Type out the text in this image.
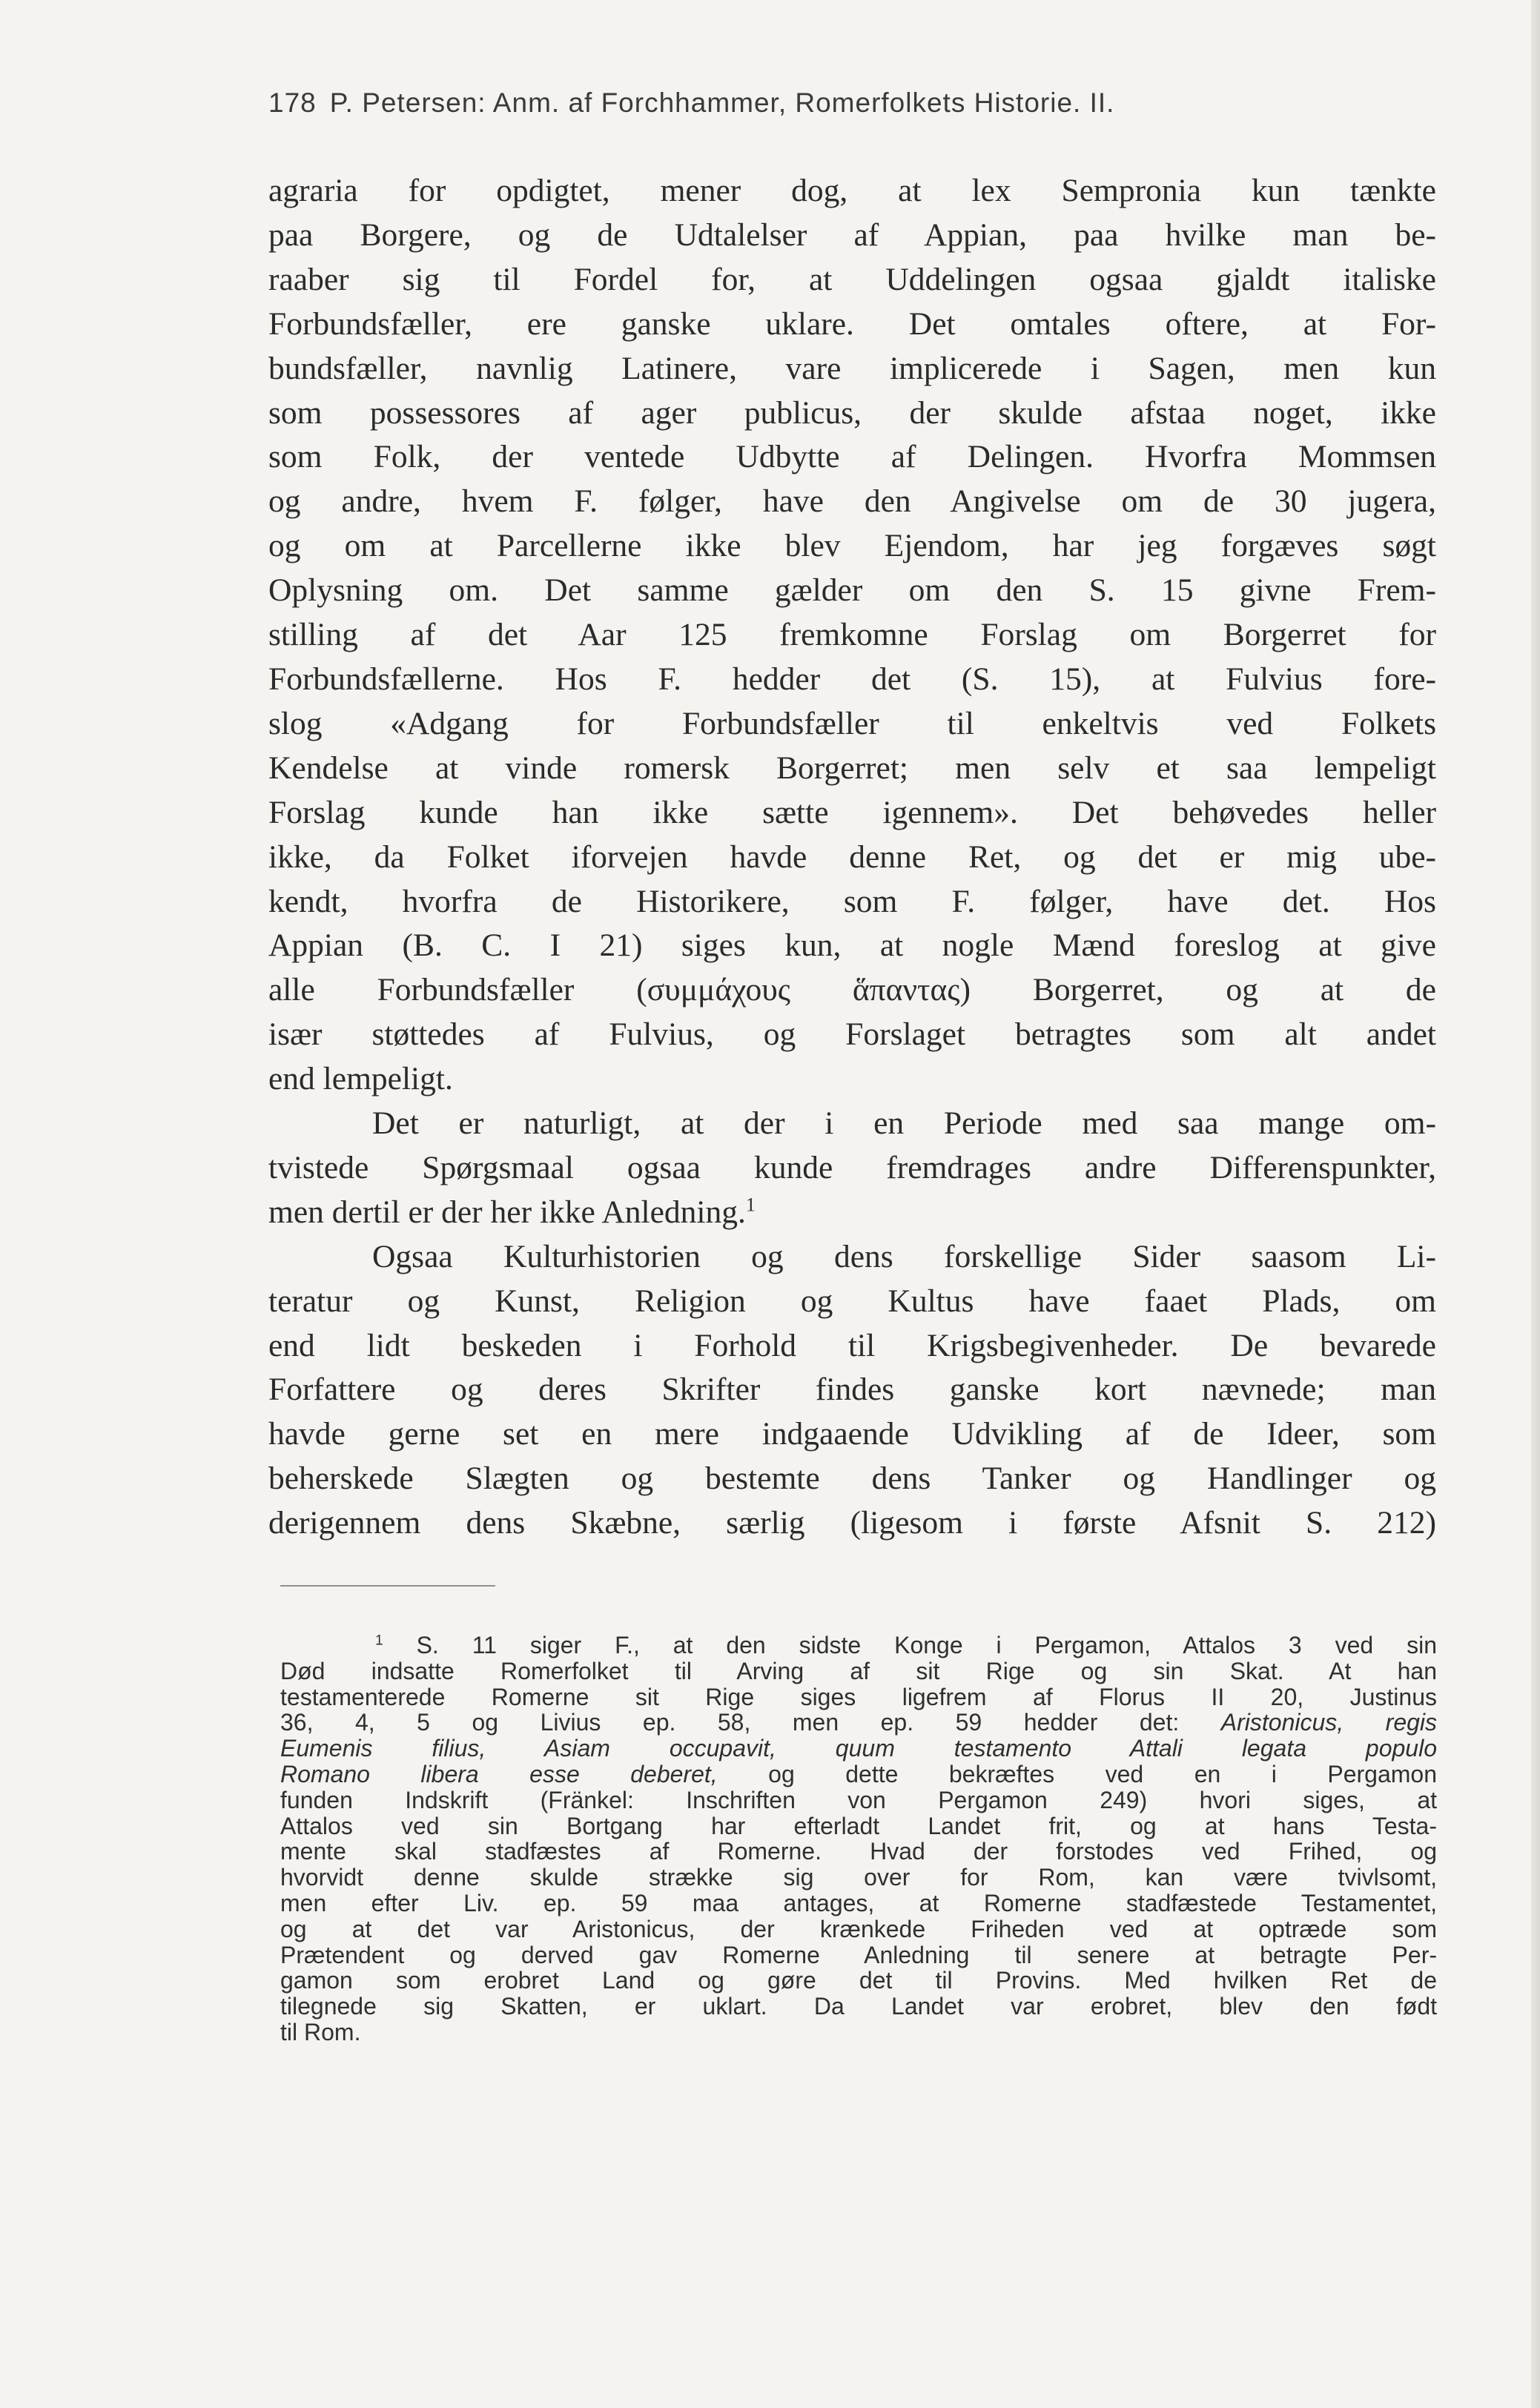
178 P. Petersen: Anm. af Forchhammer, Romerfolkets Historie. II.
agraria for opdigtet, mener dog, at lex Sempronia kun tænkte
paa Borgere, og de Udtalelser af Appian, paa hvilke man be-
raaber sig til Fordel for, at Uddelingen ogsaa gjaldt italiske
Forbundsfæller, ere ganske uklare. Det omtales oftere, at For-
bundsfæller, navnlig Latinere, vare implicerede i Sagen, men kun
som possessores af ager publicus, der skulde afstaa noget, ikke
som Folk, der ventede Udbytte af Delingen. Hvorfra Mommsen
og andre, hvem F. følger, have den Angivelse om de 30 jugera,
og om at Parcellerne ikke blev Ejendom, har jeg forgæves søgt
Oplysning om. Det samme gælder om den S. 15 givne Frem-
stilling af det Aar 125 fremkomne Forslag om Borgerret for
Forbundsfællerne. Hos F. hedder det (S. 15), at Fulvius fore-
slog «Adgang for Forbundsfæller til enkeltvis ved Folkets
Kendelse at vinde romersk Borgerret; men selv et saa lempeligt
Forslag kunde han ikke sætte igennem». Det behøvedes heller
ikke, da Folket iforvejen havde denne Ret, og det er mig ube-
kendt, hvorfra de Historikere, som F. følger, have det. Hos
Appian (B. C. I 21) siges kun, at nogle Mænd foreslog at give
alle Forbundsfæller (συμμάχους ἅπαντας) Borgerret, og at de
især støttedes af Fulvius, og Forslaget betragtes som alt andet
end lempeligt.
Det er naturligt, at der i en Periode med saa mange om-
tvistede Spørgsmaal ogsaa kunde fremdrages andre Differenspunkter,
men dertil er der her ikke Anledning.$^1$
Ogsaa Kulturhistorien og dens forskellige Sider saasom Li-
teratur og Kunst, Religion og Kultus have faaet Plads, om
end lidt beskeden i Forhold til Krigsbegivenheder. De bevarede
Forfattere og deres Skrifter findes ganske kort nævnede; man
havde gerne set en mere indgaaende Udvikling af de Ideer, som
beherskede Slægten og bestemte dens Tanker og Handlinger og
derigennem dens Skæbne, særlig (ligesom i første Afsnit S. 212)
$^1$ S. 11 siger F., at den sidste Konge i Pergamon, Attalos 3 ved sin
Død indsatte Romerfolket til Arving af sit Rige og sin Skat. At han
testamenterede Romerne sit Rige siges ligefrem af Florus II 20, Justinus
36, 4, 5 og Livius ep. 58, men ep. 59 hedder det: Aristonicus, regis
Eumenis filius, Asiam occupavit, quum testamento Attali legata populo
Romano libera esse deberet, og dette bekræftes ved en i Pergamon
funden Indskrift (Fränkel: Inschriften von Pergamon 249) hvori siges, at
Attalos ved sin Bortgang har efterladt Landet frit, og at hans Testa-
mente skal stadfæstes af Romerne. Hvad der forstodes ved Frihed, og
hvorvidt denne skulde strække sig over for Rom, kan være tvivlsomt,
men efter Liv. ep. 59 maa antages, at Romerne stadfæstede Testamentet,
og at det var Aristonicus, der krænkede Friheden ved at optræde som
Prætendent og derved gav Romerne Anledning til senere at betragte Per-
gamon som erobret Land og gøre det til Provins. Med hvilken Ret de
tilegnede sig Skatten, er uklart. Da Landet var erobret, blev den født
til Rom.
